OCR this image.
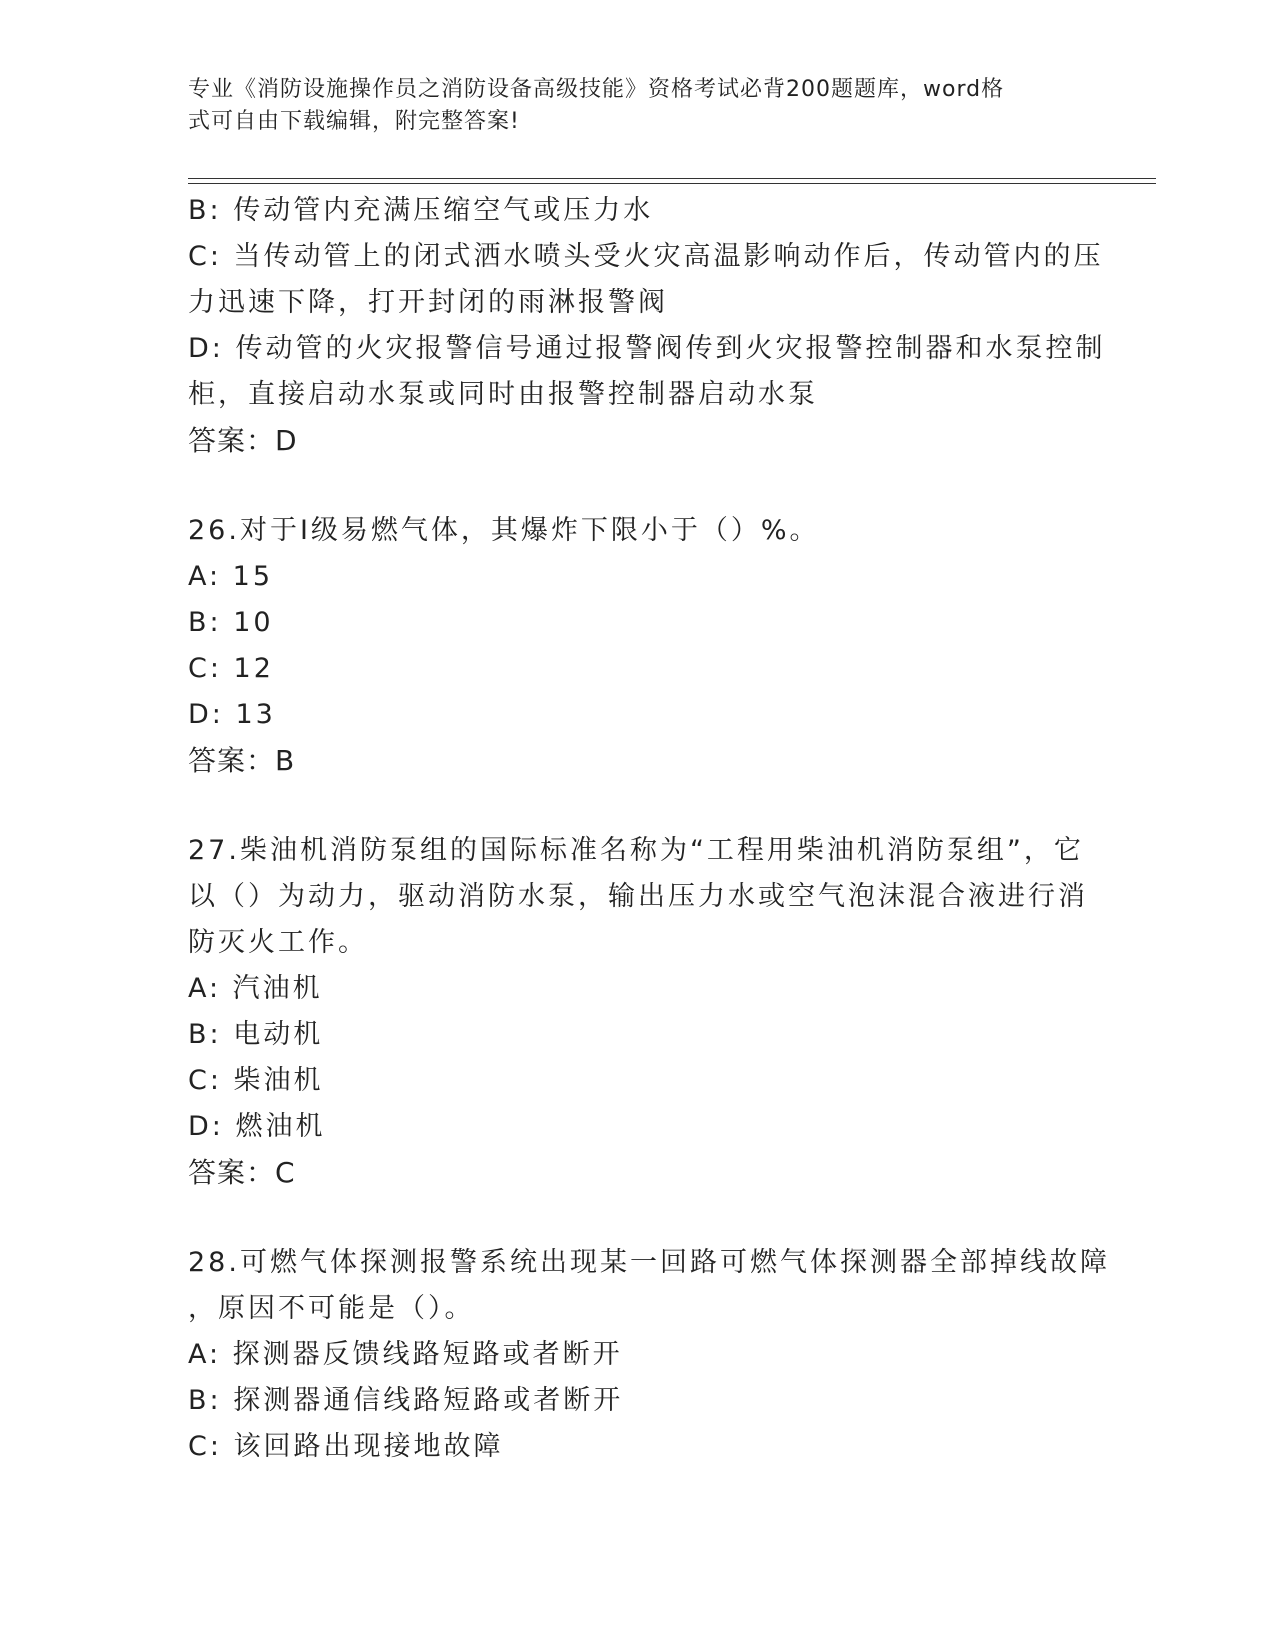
专业《消防设施操作员之消防设备高级技能》资格考试必背200题题库，word格
式可自由下载编辑，附完整答案!
B: 传动管内充满压缩空气或压力水
C: 当传动管上的闭式洒水喷头受火灾高温影响动作后，传动管内的压
力迅速下降，打开封闭的雨淋报警阀
D: 传动管的火灾报警信号通过报警阀传到火灾报警控制器和水泵控制
柜，直接启动水泵或同时由报警控制器启动水泵
答案：D
26.对于Ⅰ级易燃气体，其爆炸下限小于（）%。
A: 15
B: 10
C: 12
D: 13
答案：B
27.柴油机消防泵组的国际标准名称为“工程用柴油机消防泵组”，它
以（）为动力，驱动消防水泵，输出压力水或空气泡沫混合液进行消
防灭火工作。
A: 汽油机
B: 电动机
C: 柴油机
D: 燃油机
答案：C
28.可燃气体探测报警系统出现某一回路可燃气体探测器全部掉线故障
，原因不可能是（）。
A: 探测器反馈线路短路或者断开
B: 探测器通信线路短路或者断开
C: 该回路出现接地故障
